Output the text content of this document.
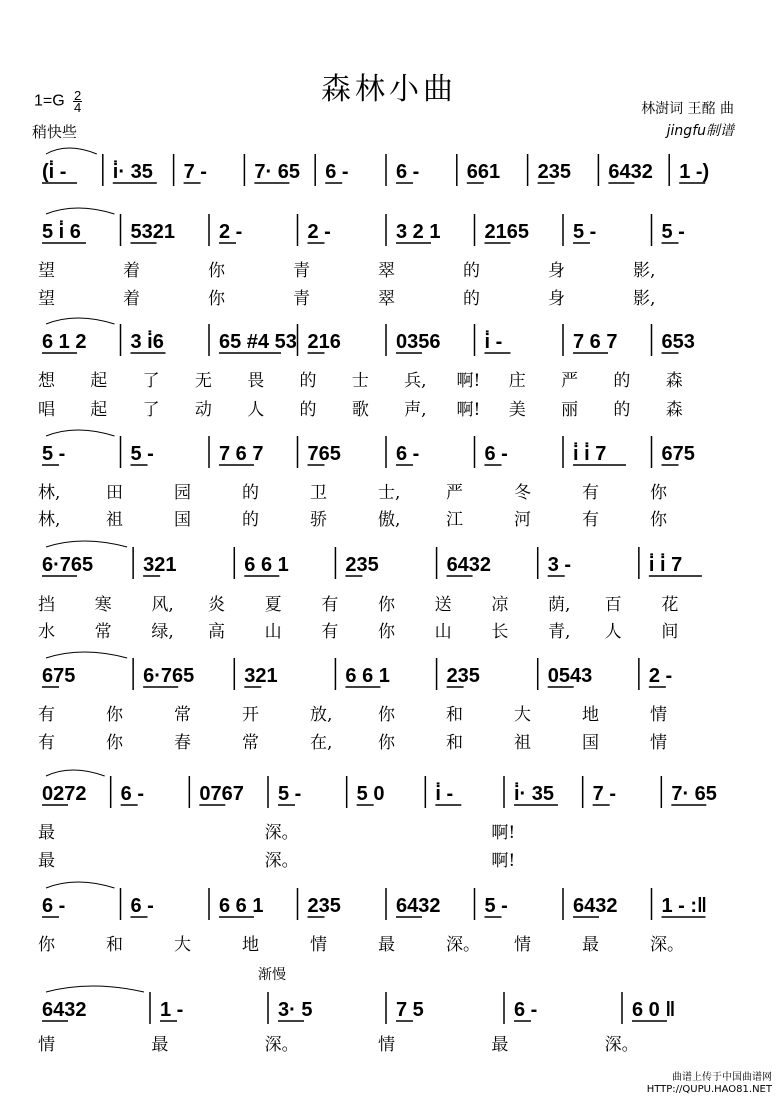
森林小曲
$1=G \frac{2}{4}$
稍快些
林澍词 王酩 曲
jingfu制谱
(i̇ - i̇· 35 7 - 7· 65 6 - 6 - 661 235 6432 1 -)
5 i̇ 6 5321 2 -	2 -	3 2 1 2165 5 -	5 -
6 1 2 3 i̇6	65 #4 53 216	0356 i̇ -	7 6 7 653
5 -	5 -	7 6 7 765	6 -	6 -	i̇ i̇ 7	675
6·765 321	6 6 1	235	6432	3 -	i̇ i̇ 7
675	6·765 321	6 6 1	235	0543	2 -
0272 6 -	0767 5 -	5 0	i̇ -	i̇· 35 7 -	7· 65
6 -	6 -	6 6 1 235	6432 5 -	6432 1 - :‖
6432	1 -	3· 5	7 5	6 -	6 0 ‖
渐慢
望	着	你	青	翠	的	身	影,
望	着	你	青	翠	的	身	影,
想 起 了 无 畏 的 士 兵, 啊! 庄 严 的 森
唱 起 了 动 人 的 歌 声, 啊! 美 丽 的 森
林,	田	园	的	卫	士,	严	冬	有	你
林,	祖	国	的	骄	傲,	江	河	有	你
挡 寒 风, 炎 夏 有 你 送 凉 荫, 百 花
水 常 绿, 高 山 有 你 山 长 青, 人 间
有	你	常	开	放,	你	和	大	地	情
有	你	春	常	在,	你	和	祖	国	情
最	深。	啊!
最	深。	啊!
你	和	大	地	情	最	深。 情	最	深。
情	最	深。	情	最	深。
曲谱上传于中国曲谱网
HTTP://QUPU.HAO81.NET
